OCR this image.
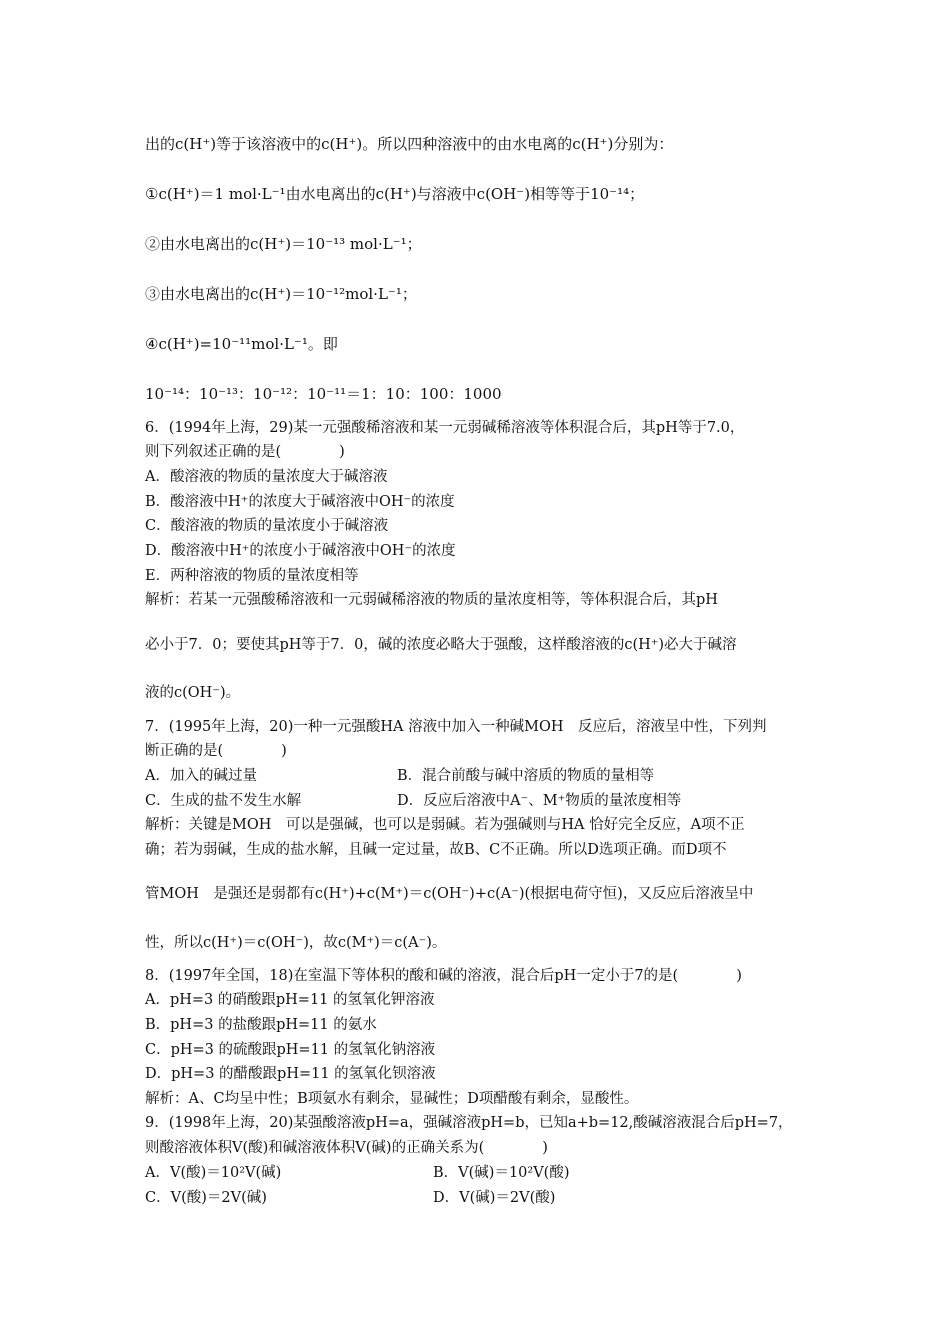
出的c(H⁺)等于该溶液中的c(H⁺)。所以四种溶液中的由水电离的c(H⁺)分别为：
①c(H⁺)＝1 mol·L⁻¹由水电离出的c(H⁺)与溶液中c(OH⁻)相等等于10⁻¹⁴；
②由水电离出的c(H⁺)＝10⁻¹³ mol·L⁻¹；
③由水电离出的c(H⁺)＝10⁻¹²mol·L⁻¹；
④c(H⁺)=10⁻¹¹mol·L⁻¹。即
10⁻¹⁴：10⁻¹³：10⁻¹²：10⁻¹¹＝1：10：100：1000
6．(1994年上海，29)某一元强酸稀溶液和某一元弱碱稀溶液等体积混合后，其pH等于7.0，
则下列叙述正确的是(　　　　)
A．酸溶液的物质的量浓度大于碱溶液
B．酸溶液中H⁺的浓度大于碱溶液中OH⁻的浓度
C．酸溶液的物质的量浓度小于碱溶液
D．酸溶液中H⁺的浓度小于碱溶液中OH⁻的浓度
E．两种溶液的物质的量浓度相等
解析：若某一元强酸稀溶液和一元弱碱稀溶液的物质的量浓度相等，等体积混合后，其pH
必小于7．0；要使其pH等于7．0，碱的浓度必略大于强酸，这样酸溶液的c(H⁺)必大于碱溶
液的c(OH⁻)。
7．(1995年上海，20)一种一元强酸HA 溶液中加入一种碱MOH　反应后，溶液呈中性，下列判
断正确的是(　　　　)
A．加入的碱过量	B．混合前酸与碱中溶质的物质的量相等
C．生成的盐不发生水解	D．反应后溶液中A⁻、M⁺物质的量浓度相等
解析：关键是MOH　可以是强碱，也可以是弱碱。若为强碱则与HA 恰好完全反应，A项不正
确；若为弱碱，生成的盐水解，且碱一定过量，故B、C不正确。所以D选项正确。而D项不
管MOH　是强还是弱都有c(H⁺)+c(M⁺)＝c(OH⁻)+c(A⁻)(根据电荷守恒)，又反应后溶液呈中
性，所以c(H⁺)＝c(OH⁻)，故c(M⁺)＝c(A⁻)。
8．(1997年全国，18)在室温下等体积的酸和碱的溶液，混合后pH一定小于7的是(　　　　)
A．pH=3 的硝酸跟pH=11 的氢氧化钾溶液
B．pH=3 的盐酸跟pH=11 的氨水
C．pH=3 的硫酸跟pH=11 的氢氧化钠溶液
D．pH=3 的醋酸跟pH=11 的氢氧化钡溶液
解析：A、C均呈中性；B项氨水有剩余，显碱性；D项醋酸有剩余，显酸性。
9．(1998年上海，20)某强酸溶液pH=a，强碱溶液pH=b，已知a+b=12,酸碱溶液混合后pH=7，
则酸溶液体积V(酸)和碱溶液体积V(碱)的正确关系为(　　　　)
A．V(酸)＝10²V(碱)	B．V(碱)＝10²V(酸)
C．V(酸)＝2V(碱)	D．V(碱)＝2V(酸)
